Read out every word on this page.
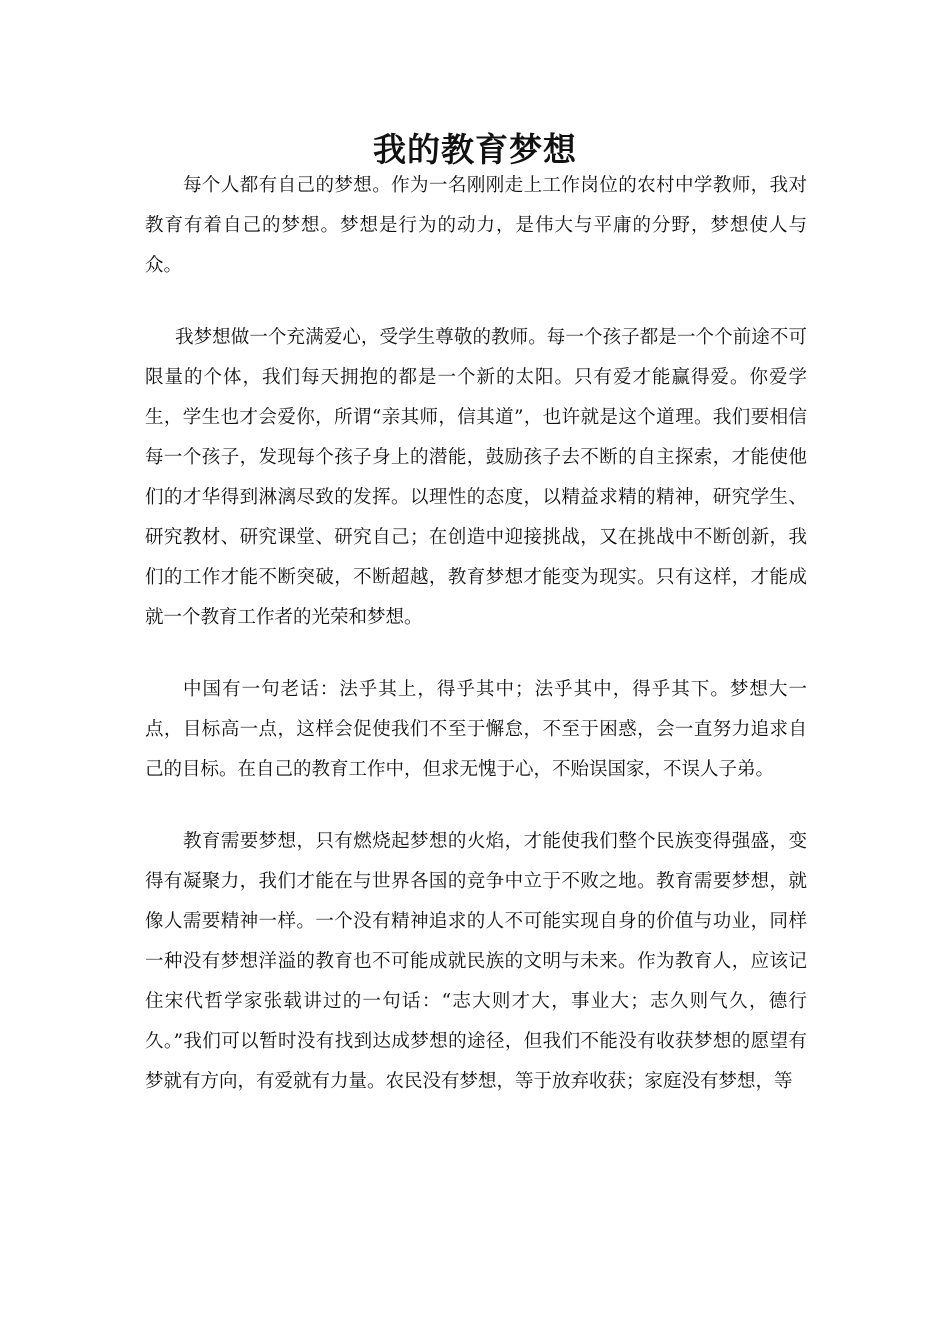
我的教育梦想

每个人都有自己的梦想。作为一名刚刚走上工作岗位的农村中学教师，我对教育有着自己的梦想。梦想是行为的动力，是伟大与平庸的分野，梦想使人与众。

我梦想做一个充满爱心，受学生尊敬的教师。每一个孩子都是一个个前途不可限量的个体，我们每天拥抱的都是一个新的太阳。只有爱才能赢得爱。你爱学生，学生也才会爱你，所谓“亲其师，信其道”，也许就是这个道理。我们要相信每一个孩子，发现每个孩子身上的潜能，鼓励孩子去不断的自主探索，才能使他们的才华得到淋漓尽致的发挥。以理性的态度，以精益求精的精神，研究学生、研究教材、研究课堂、研究自己；在创造中迎接挑战，又在挑战中不断创新，我们的工作才能不断突破，不断超越，教育梦想才能变为现实。只有这样，才能成就一个教育工作者的光荣和梦想。

中国有一句老话：法乎其上，得乎其中；法乎其中，得乎其下。梦想大一点，目标高一点，这样会促使我们不至于懈怠，不至于困惑，会一直努力追求自己的目标。在自己的教育工作中，但求无愧于心，不贻误国家，不误人子弟。

教育需要梦想，只有燃烧起梦想的火焰，才能使我们整个民族变得强盛，变得有凝聚力，我们才能在与世界各国的竞争中立于不败之地。教育需要梦想，就像人需要精神一样。一个没有精神追求的人不可能实现自身的价值与功业，同样一种没有梦想洋溢的教育也不可能成就民族的文明与未来。作为教育人，应该记住宋代哲学家张载讲过的一句话：“志大则才大，事业大；志久则气久，德行久。”我们可以暂时没有找到达成梦想的途径，但我们不能没有收获梦想的愿望有梦就有方向，有爱就有力量。农民没有梦想，等于放弃收获；家庭没有梦想，等
